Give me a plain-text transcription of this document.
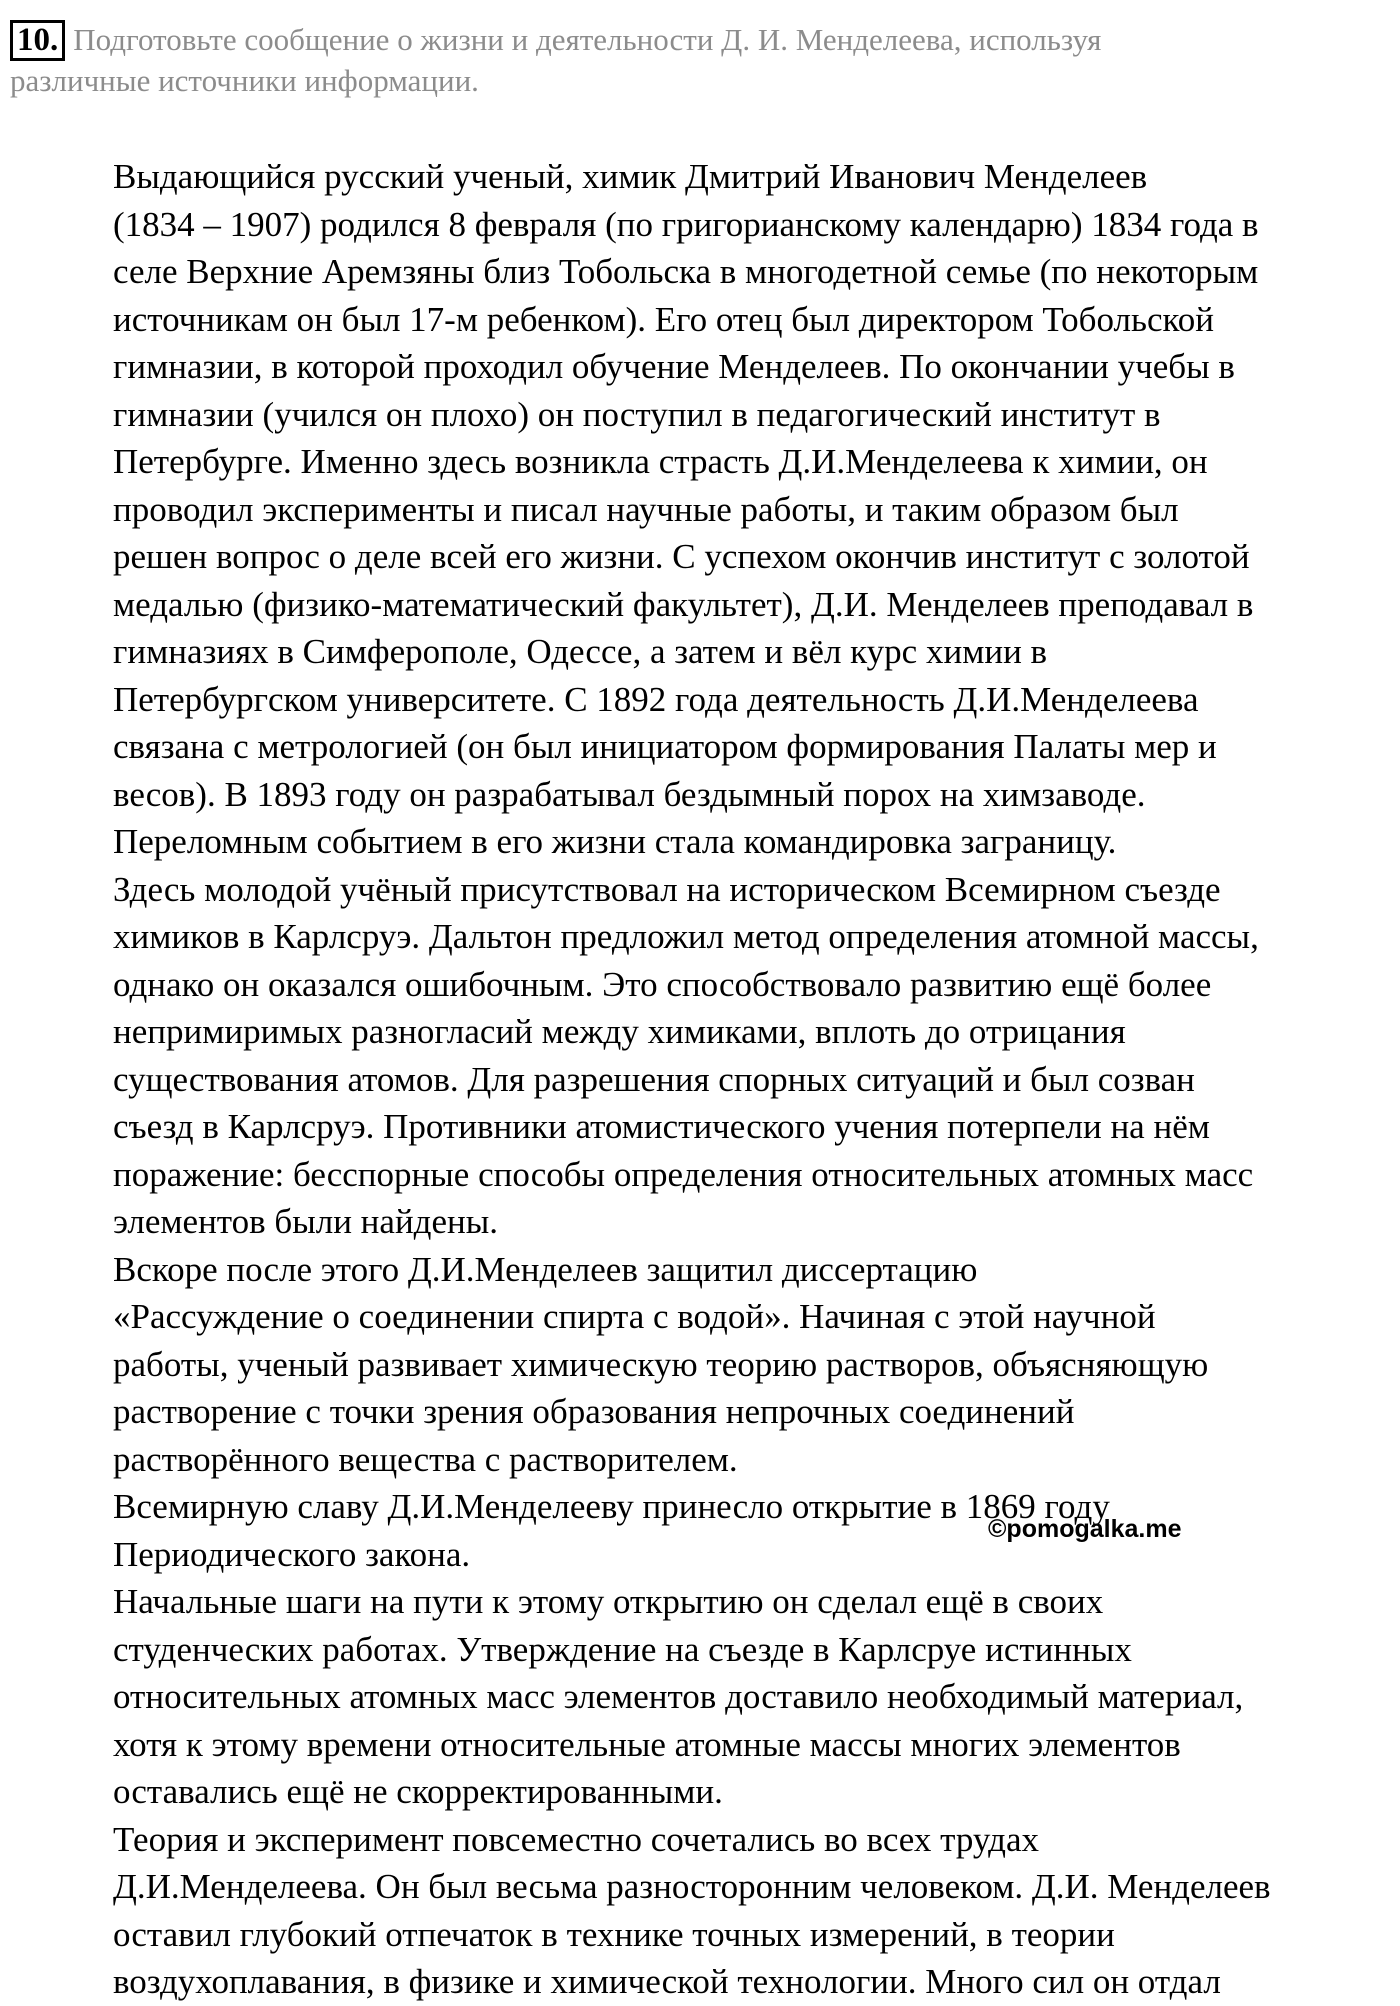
10. Подготовьте сообщение о жизни и деятельности Д. И. Менделеева, используя
различные источники информации.

Выдающийся русский ученый, химик Дмитрий Иванович Менделеев
(1834 – 1907) родился 8 февраля (по григорианскому календарю) 1834 года в
селе Верхние Аремзяны близ Тобольска в многодетной семье (по некоторым
источникам он был 17-м ребенком). Его отец был директором Тобольской
гимназии, в которой проходил обучение Менделеев. По окончании учебы в
гимназии (учился он плохо) он поступил в педагогический институт в
Петербурге. Именно здесь возникла страсть Д.И.Менделеева к химии, он
проводил эксперименты и писал научные работы, и таким образом был
решен вопрос о деле всей его жизни. С успехом окончив институт с золотой
медалью (физико-математический факультет), Д.И. Менделеев преподавал в
гимназиях в Симферополе, Одессе, а затем и вёл курс химии в
Петербургском университете. С 1892 года деятельность Д.И.Менделеева
связана с метрологией (он был инициатором формирования Палаты мер и
весов). В 1893 году он разрабатывал бездымный порох на химзаводе.

Переломным событием в его жизни стала командировка заграницу.
Здесь молодой учёный присутствовал на историческом Всемирном съезде
химиков в Карлсруэ. Дальтон предложил метод определения атомной массы,
однако он оказался ошибочным. Это способствовало развитию ещё более
непримиримых разногласий между химиками, вплоть до отрицания
существования атомов. Для разрешения спорных ситуаций и был созван
съезд в Карлсруэ. Противники атомистического учения потерпели на нём
поражение: бесспорные способы определения относительных атомных масс
элементов были найдены.

Вскоре после этого Д.И.Менделеев защитил диссертацию
«Рассуждение о соединении спирта с водой». Начиная с этой научной
работы, ученый развивает химическую теорию растворов, объясняющую
растворение с точки зрения образования непрочных соединений
растворённого вещества с растворителем.

Всемирную славу Д.И.Менделееву принесло открытие в 1869 году
Периодического закона.

Начальные шаги на пути к этому открытию он сделал ещё в своих
студенческих работах. Утверждение на съезде в Карлсруе истинных
относительных атомных масс элементов доставило необходимый материал,
хотя к этому времени относительные атомные массы многих элементов
оставались ещё не скорректированными.

Теория и эксперимент повсеместно сочетались во всех трудах
Д.И.Менделеева. Он был весьма разносторонним человеком. Д.И. Менделеев
оставил глубокий отпечаток в технике точных измерений, в теории
воздухоплавания, в физике и химической технологии. Много сил он отдал

©pomogalka.me
